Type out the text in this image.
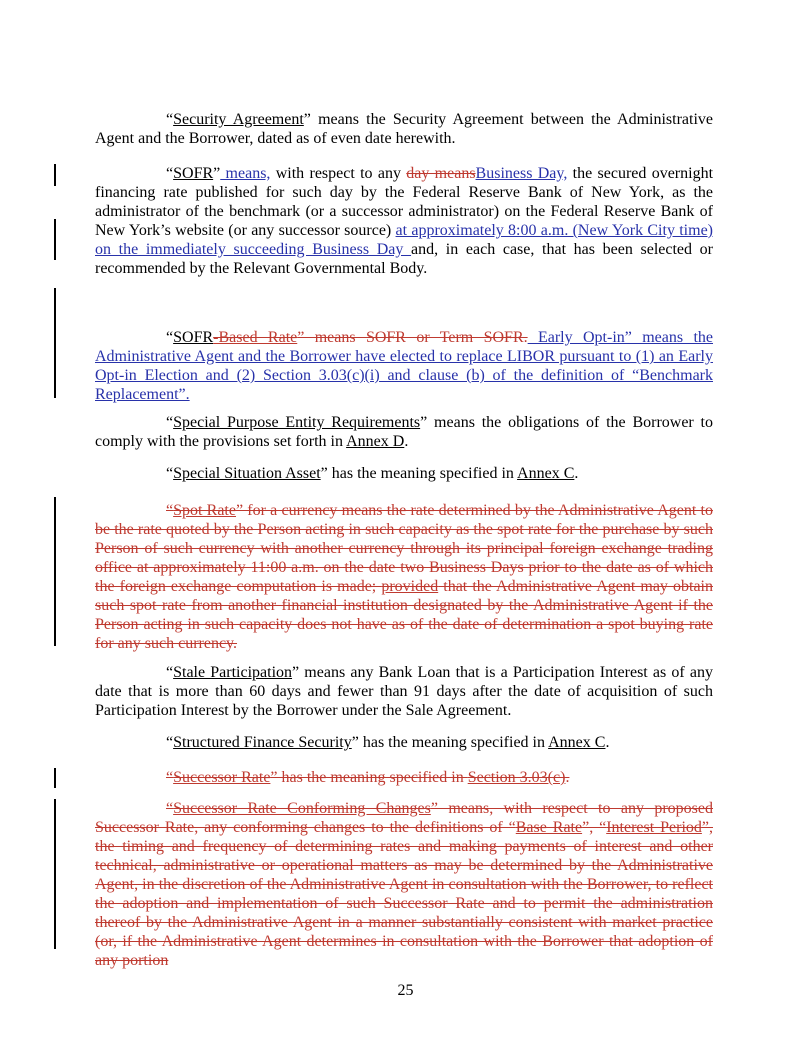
“Security Agreement” means the Security Agreement between the Administrative Agent and the Borrower, dated as of even date herewith.
“SOFR” means, with respect to any day meansBusiness Day, the secured overnight financing rate published for such day by the Federal Reserve Bank of New York, as the administrator of the benchmark (or a successor administrator) on the Federal Reserve Bank of New York’s website (or any successor source) at approximately 8:00 a.m. (New York City time) on the immediately succeeding Business Day and, in each case, that has been selected or recommended by the Relevant Governmental Body.
“SOFR-Based Rate” means SOFR or Term SOFR. Early Opt-in” means the Administrative Agent and the Borrower have elected to replace LIBOR pursuant to (1) an Early Opt-in Election and (2) Section 3.03(c)(i) and clause (b) of the definition of “Benchmark Replacement”.
“Special Purpose Entity Requirements” means the obligations of the Borrower to comply with the provisions set forth in Annex D.
“Special Situation Asset” has the meaning specified in Annex C.
“Spot Rate” for a currency means the rate determined by the Administrative Agent to be the rate quoted by the Person acting in such capacity as the spot rate for the purchase by such Person of such currency with another currency through its principal foreign exchange trading office at approximately 11:00 a.m. on the date two Business Days prior to the date as of which the foreign exchange computation is made; provided that the Administrative Agent may obtain such spot rate from another financial institution designated by the Administrative Agent if the Person acting in such capacity does not have as of the date of determination a spot buying rate for any such currency.
“Stale Participation” means any Bank Loan that is a Participation Interest as of any date that is more than 60 days and fewer than 91 days after the date of acquisition of such Participation Interest by the Borrower under the Sale Agreement.
“Structured Finance Security” has the meaning specified in Annex C.
“Successor Rate” has the meaning specified in Section 3.03(c).
“Successor Rate Conforming Changes” means, with respect to any proposed Successor Rate, any conforming changes to the definitions of “Base Rate”, “Interest Period”, the timing and frequency of determining rates and making payments of interest and other technical, administrative or operational matters as may be determined by the Administrative Agent, in the discretion of the Administrative Agent in consultation with the Borrower, to reflect the adoption and implementation of such Successor Rate and to permit the administration thereof by the Administrative Agent in a manner substantially consistent with market practice (or, if the Administrative Agent determines in consultation with the Borrower that adoption of any portion
25
